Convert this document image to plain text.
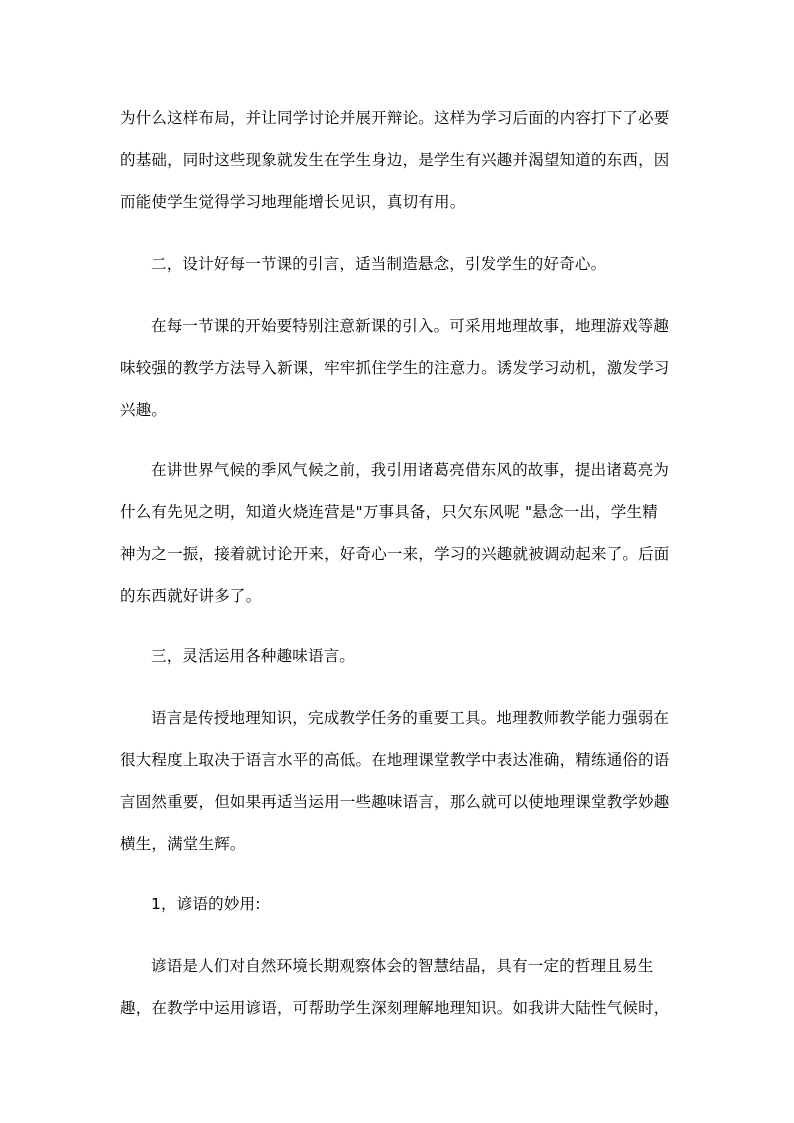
为什么这样布局，并让同学讨论并展开辩论。这样为学习后面的内容打下了必要
的基础，同时这些现象就发生在学生身边，是学生有兴趣并渴望知道的东西，因
而能使学生觉得学习地理能增长见识，真切有用。
二，设计好每一节课的引言，适当制造悬念，引发学生的好奇心。
在每一节课的开始要特别注意新课的引入。可采用地理故事，地理游戏等趣
味较强的教学方法导入新课，牢牢抓住学生的注意力。诱发学习动机，激发学习
兴趣。
在讲世界气候的季风气候之前，我引用诸葛亮借东风的故事，提出诸葛亮为
什么有先见之明，知道火烧连营是"万事具备，只欠东风呢 "悬念一出，学生精
神为之一振，接着就讨论开来，好奇心一来，学习的兴趣就被调动起来了。后面
的东西就好讲多了。
三，灵活运用各种趣味语言。
语言是传授地理知识，完成教学任务的重要工具。地理教师教学能力强弱在
很大程度上取决于语言水平的高低。在地理课堂教学中表达准确，精练通俗的语
言固然重要，但如果再适当运用一些趣味语言，那么就可以使地理课堂教学妙趣
横生，满堂生辉。
1，谚语的妙用:
谚语是人们对自然环境长期观察体会的智慧结晶，具有一定的哲理且易生
趣，在教学中运用谚语，可帮助学生深刻理解地理知识。如我讲大陆性气候时，
